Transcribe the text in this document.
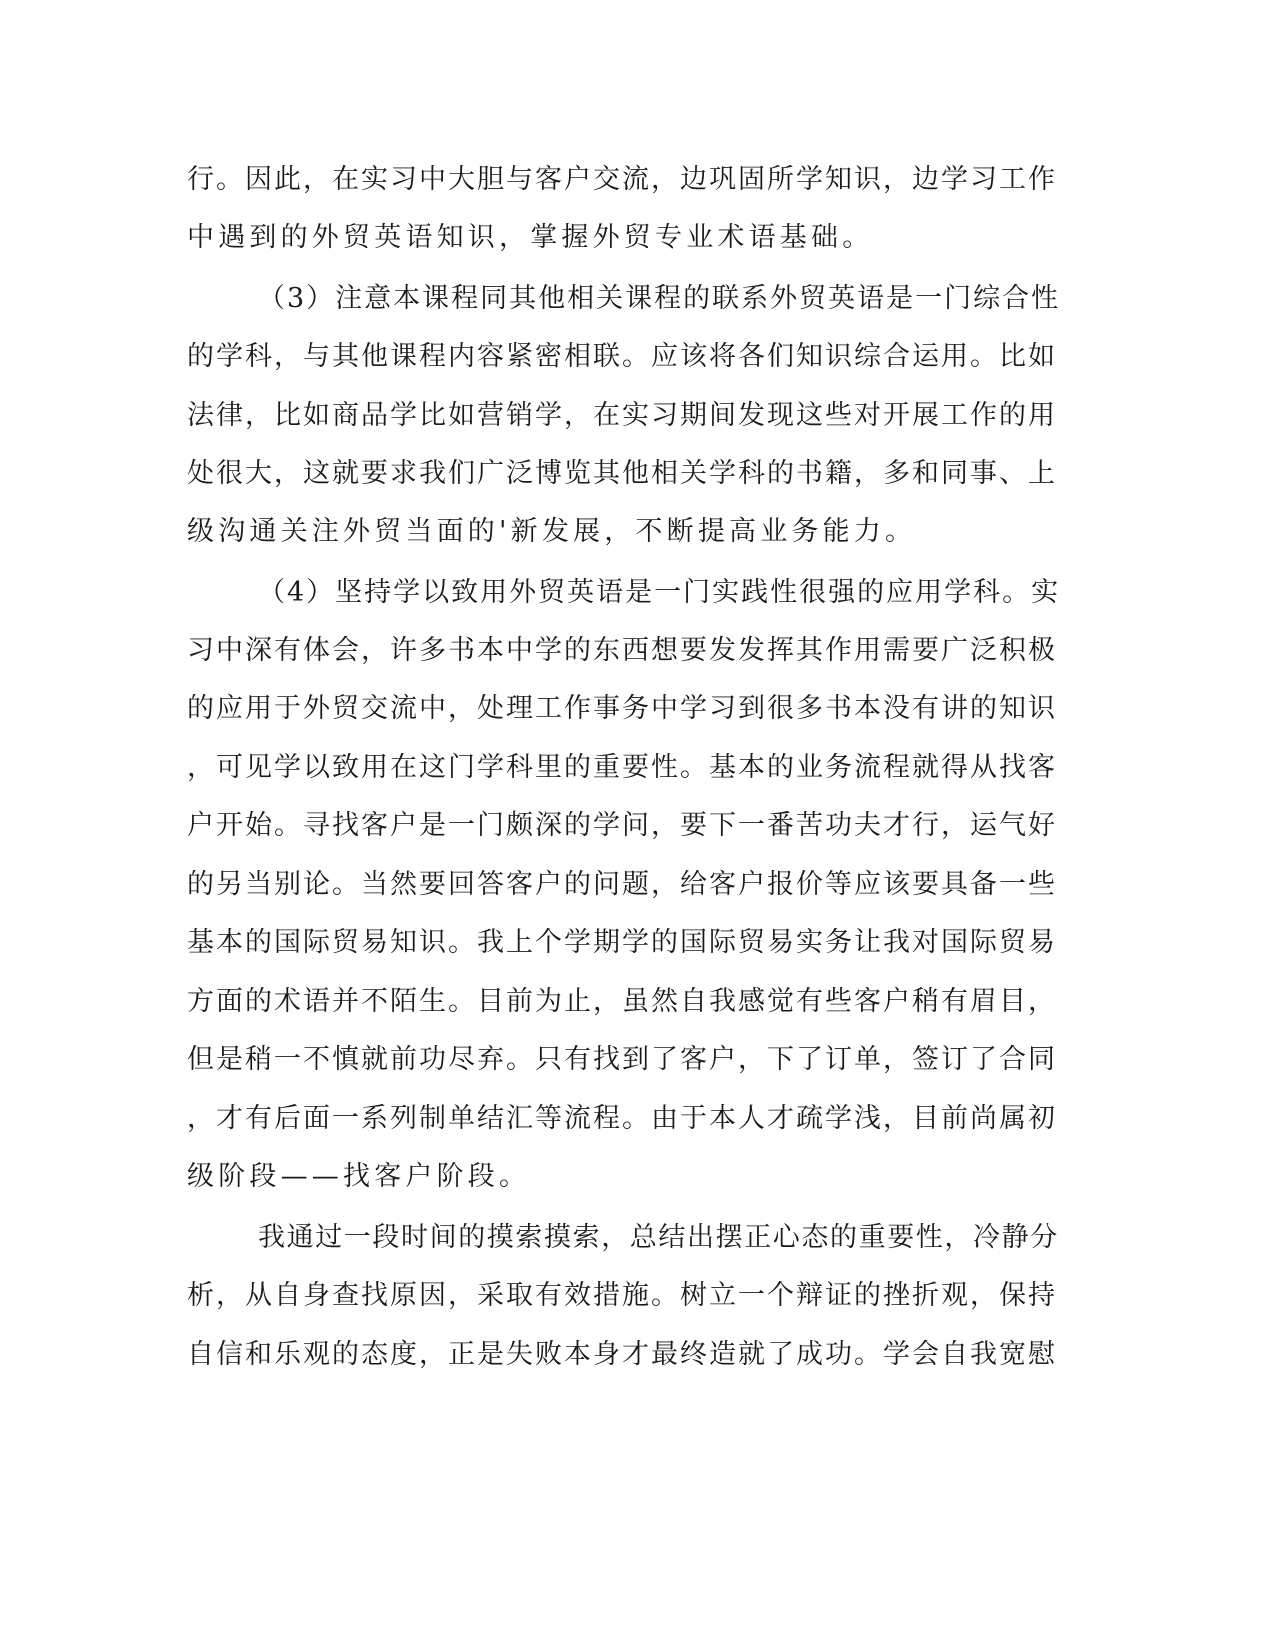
行。因此，在实习中大胆与客户交流，边巩固所学知识，边学习工作
中遇到的外贸英语知识，掌握外贸专业术语基础。
（3）注意本课程同其他相关课程的联系外贸英语是一门综合性
的学科，与其他课程内容紧密相联。应该将各们知识综合运用。比如
法律，比如商品学比如营销学，在实习期间发现这些对开展工作的用
处很大，这就要求我们广泛博览其他相关学科的书籍，多和同事、上
级沟通关注外贸当面的'新发展，不断提高业务能力。
（4）坚持学以致用外贸英语是一门实践性很强的应用学科。实
习中深有体会，许多书本中学的东西想要发发挥其作用需要广泛积极
的应用于外贸交流中，处理工作事务中学习到很多书本没有讲的知识
，可见学以致用在这门学科里的重要性。基本的业务流程就得从找客
户开始。寻找客户是一门颇深的学问，要下一番苦功夫才行，运气好
的另当别论。当然要回答客户的问题，给客户报价等应该要具备一些
基本的国际贸易知识。我上个学期学的国际贸易实务让我对国际贸易
方面的术语并不陌生。目前为止，虽然自我感觉有些客户稍有眉目，
但是稍一不慎就前功尽弃。只有找到了客户，下了订单，签订了合同
，才有后面一系列制单结汇等流程。由于本人才疏学浅，目前尚属初
级阶段——找客户阶段。
我通过一段时间的摸索摸索，总结出摆正心态的重要性，冷静分
析，从自身查找原因，采取有效措施。树立一个辩证的挫折观，保持
自信和乐观的态度，正是失败本身才最终造就了成功。学会自我宽慰
